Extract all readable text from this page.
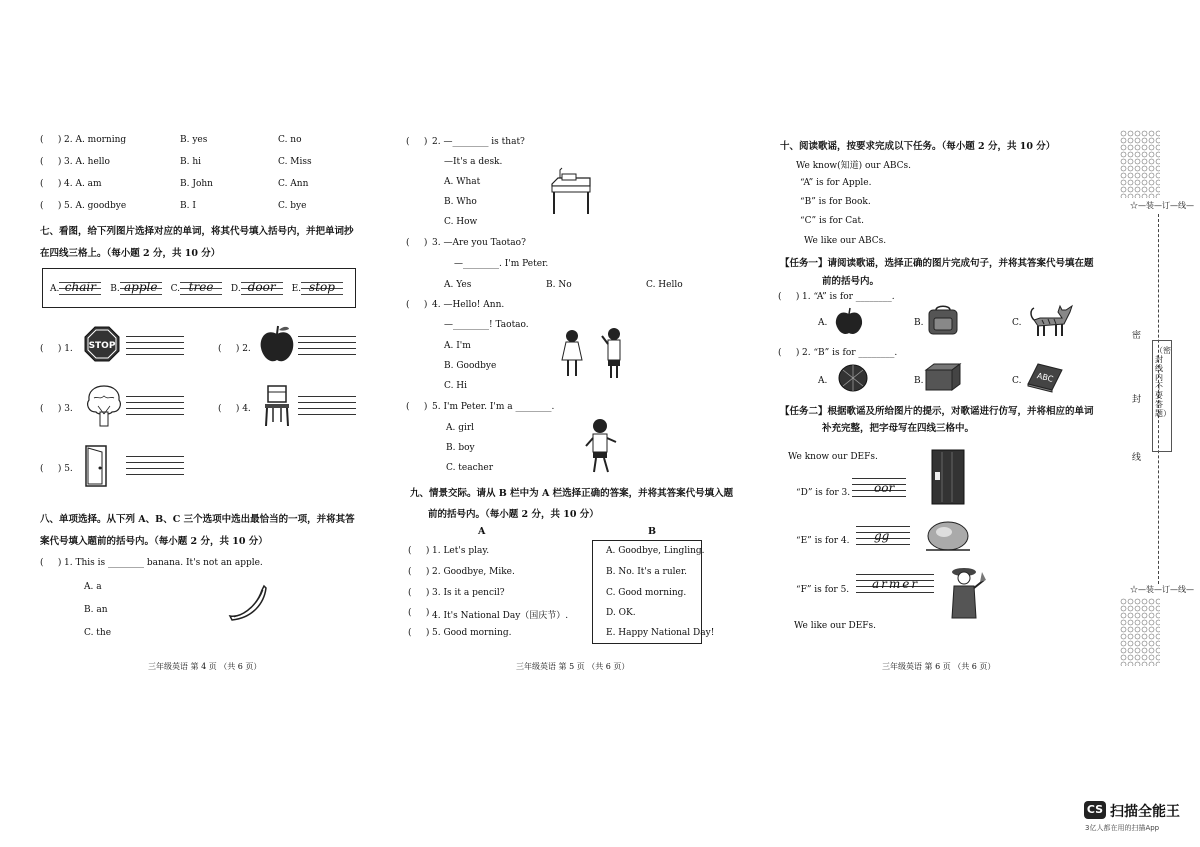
(     ) 2. A. morning	B. yes	C. no
(     ) 3. A. hello	B. hi	C. Miss
(     ) 4. A. am	B. John	C. Ann
(     ) 5. A. goodbye	B. I	C. bye
七、看图，给下列图片选择对应的单词，将其代号填入括号内，并把单词抄
在四线三格上。（每小题 2 分，共 10 分）
A. chair B. apple C. tree D. door E. stop
(     ) 1. STOP	(     ) 2.
(     ) 3.	(     ) 4.
(     ) 5.
八、单项选择。从下列 A、B、C 三个选项中选出最恰当的一项，并将其答
案代号填入题前的括号内。（每小题 2 分，共 10 分）
(     ) 1. This is ________ banana. It's not an apple.
A. a
B. an
C. the
三年级英语 第 4 页 （共 6 页）
(     ) 2. —________ is that?
—It's a desk.
A. What
B. Who
C. How
(     ) 3. —Are you Taotao?
—________. I'm Peter.
A. Yes	B. No	C. Hello
(     ) 4. —Hello! Ann.
—________! Taotao.
A. I'm
B. Goodbye
C. Hi
(     ) 5. I'm Peter. I'm a ________.
A. girl
B. boy
C. teacher
九、情景交际。请从 B 栏中为 A 栏选择正确的答案，并将其答案代号填入题
前的括号内。（每小题 2 分，共 10 分）
A	B
(     ) 1. Let's play.
(     ) 2. Goodbye, Mike.
(     ) 3. Is it a pencil?
(     ) 4. It's National Day（国庆节）.
(     ) 5. Good morning.
A. Goodbye, Lingling.
B. No. It's a ruler.
C. Good morning.
D. OK.
E. Happy National Day!
三年级英语 第 5 页 （共 6 页）
十、阅读歌谣，按要求完成以下任务。（每小题 2 分，共 10 分）
We know(知道) our ABCs.
“A” is for Apple.
“B” is for Book.
“C” is for Cat.
We like our ABCs.
【任务一】请阅读歌谣，选择正确的图片完成句子，并将其答案代号填在题
前的括号内。
(     ) 1. “A” is for ________.
A.	B.	C.
(     ) 2. “B” is for ________.
A.	B.	C. ABC
【任务二】根据歌谣及所给图片的提示，对歌谣进行仿写，并将相应的单词
补充完整，把字母写在四线三格中。
We know our DEFs.
“D” is for 3. oor
“E” is for 4. gg
“F” is for 5. armer
We like our DEFs.
三年级英语 第 6 页 （共 6 页）
☆—装—订—线—
密
封
线
（密封线内不要答题）
☆—装—订—线—
CS 扫描全能王
3亿人都在用的扫描App
